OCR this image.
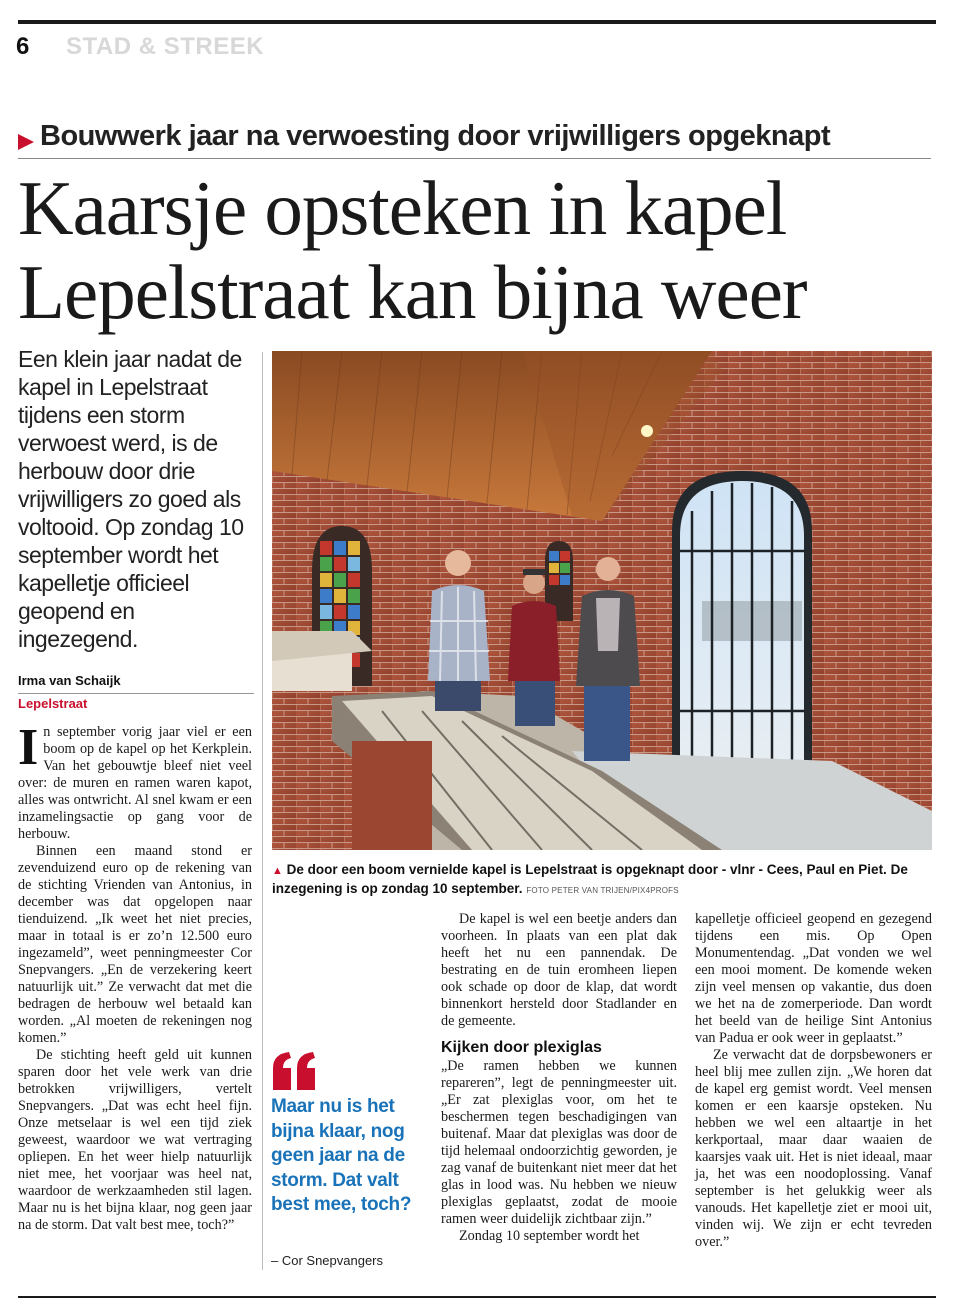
6 STAD & STREEK
Bouwwerk jaar na verwoesting door vrijwilligers opgeknapt
Kaarsje opsteken in kapel
Lepelstraat kan bijna weer
Een klein jaar nadat de kapel in Lepelstraat tijdens een storm verwoest werd, is de herbouw door drie vrijwilligers zo goed als voltooid. Op zondag 10 september wordt het kapelletje officieel geopend en ingezegend.
Irma van Schaijk
Lepelstraat

In september vorig jaar viel er een boom op de kapel op het Kerkplein. Van het gebouwtje bleef niet veel over: de muren en ramen waren kapot, alles was ontwricht. Al snel kwam er een inzamelingsactie op gang voor de herbouw.

Binnen een maand stond er zevenduizend euro op de rekening van de stichting Vrienden van Antonius, in december was dat opgelopen naar tienduizend. „Ik weet het niet precies, maar in totaal is er zo’n 12.500 euro ingezameld”, weet penningmeester Cor Snepvangers. „En de verzekering keert natuurlijk uit.” Ze verwacht dat met die bedragen de herbouw wel betaald kan worden. „Al moeten de rekeningen nog komen.”

De stichting heeft geld uit kunnen sparen door het vele werk van drie betrokken vrijwilligers, vertelt Snepvangers. „Dat was echt heel fijn. Onze metselaar is wel een tijd ziek geweest, waardoor we wat vertraging opliepen. En het weer hielp natuurlijk niet mee, het voorjaar was heel nat, waardoor de werkzaamheden stil lagen. Maar nu is het bijna klaar, nog geen jaar na de storm. Dat valt best mee, toch?”

▲ De door een boom vernielde kapel is Lepelstraat is opgeknapt door - vlnr - Cees, Paul en Piet. De inzegening is op zondag 10 september. FOTO PETER VAN TRIJEN/PIX4PROFS

De kapel is wel een beetje anders dan voorheen. In plaats van een plat dak heeft het nu een pannendak. De bestrating en de tuin eromheen liepen ook schade op door de klap, dat wordt binnenkort hersteld door Stadlander en de gemeente.

Kijken door plexiglas

„De ramen hebben we kunnen repareren”, legt de penningmeester uit. „Er zat plexiglas voor, om het te beschermen tegen beschadigingen van buitenaf. Maar dat plexiglas was door de tijd helemaal ondoorzichtig geworden, je zag vanaf de buitenkant niet meer dat het glas in lood was. Nu hebben we nieuw plexiglas geplaatst, zodat de mooie ramen weer duidelijk zichtbaar zijn.”

Zondag 10 september wordt het

kapelletje officieel geopend en gezegend tijdens een mis. Op Open Monumentendag. „Dat vonden we wel een mooi moment. De komende weken zijn veel mensen op vakantie, dus doen we het na de zomerperiode. Dan wordt het beeld van de heilige Sint Antonius van Padua er ook weer in geplaatst.”

Ze verwacht dat de dorpsbewoners er heel blij mee zullen zijn. „We horen dat de kapel erg gemist wordt. Veel mensen komen er een kaarsje opsteken. Nu hebben we wel een altaartje in het kerkportaal, maar daar waaien de kaarsjes vaak uit. Het is niet ideaal, maar ja, het was een noodoplossing. Vanaf september is het gelukkig weer als vanouds. Het kapelletje ziet er mooi uit, vinden wij. We zijn er echt tevreden over.”

Maar nu is het bijna klaar, nog geen jaar na de storm. Dat valt best mee, toch?
– Cor Snepvangers
